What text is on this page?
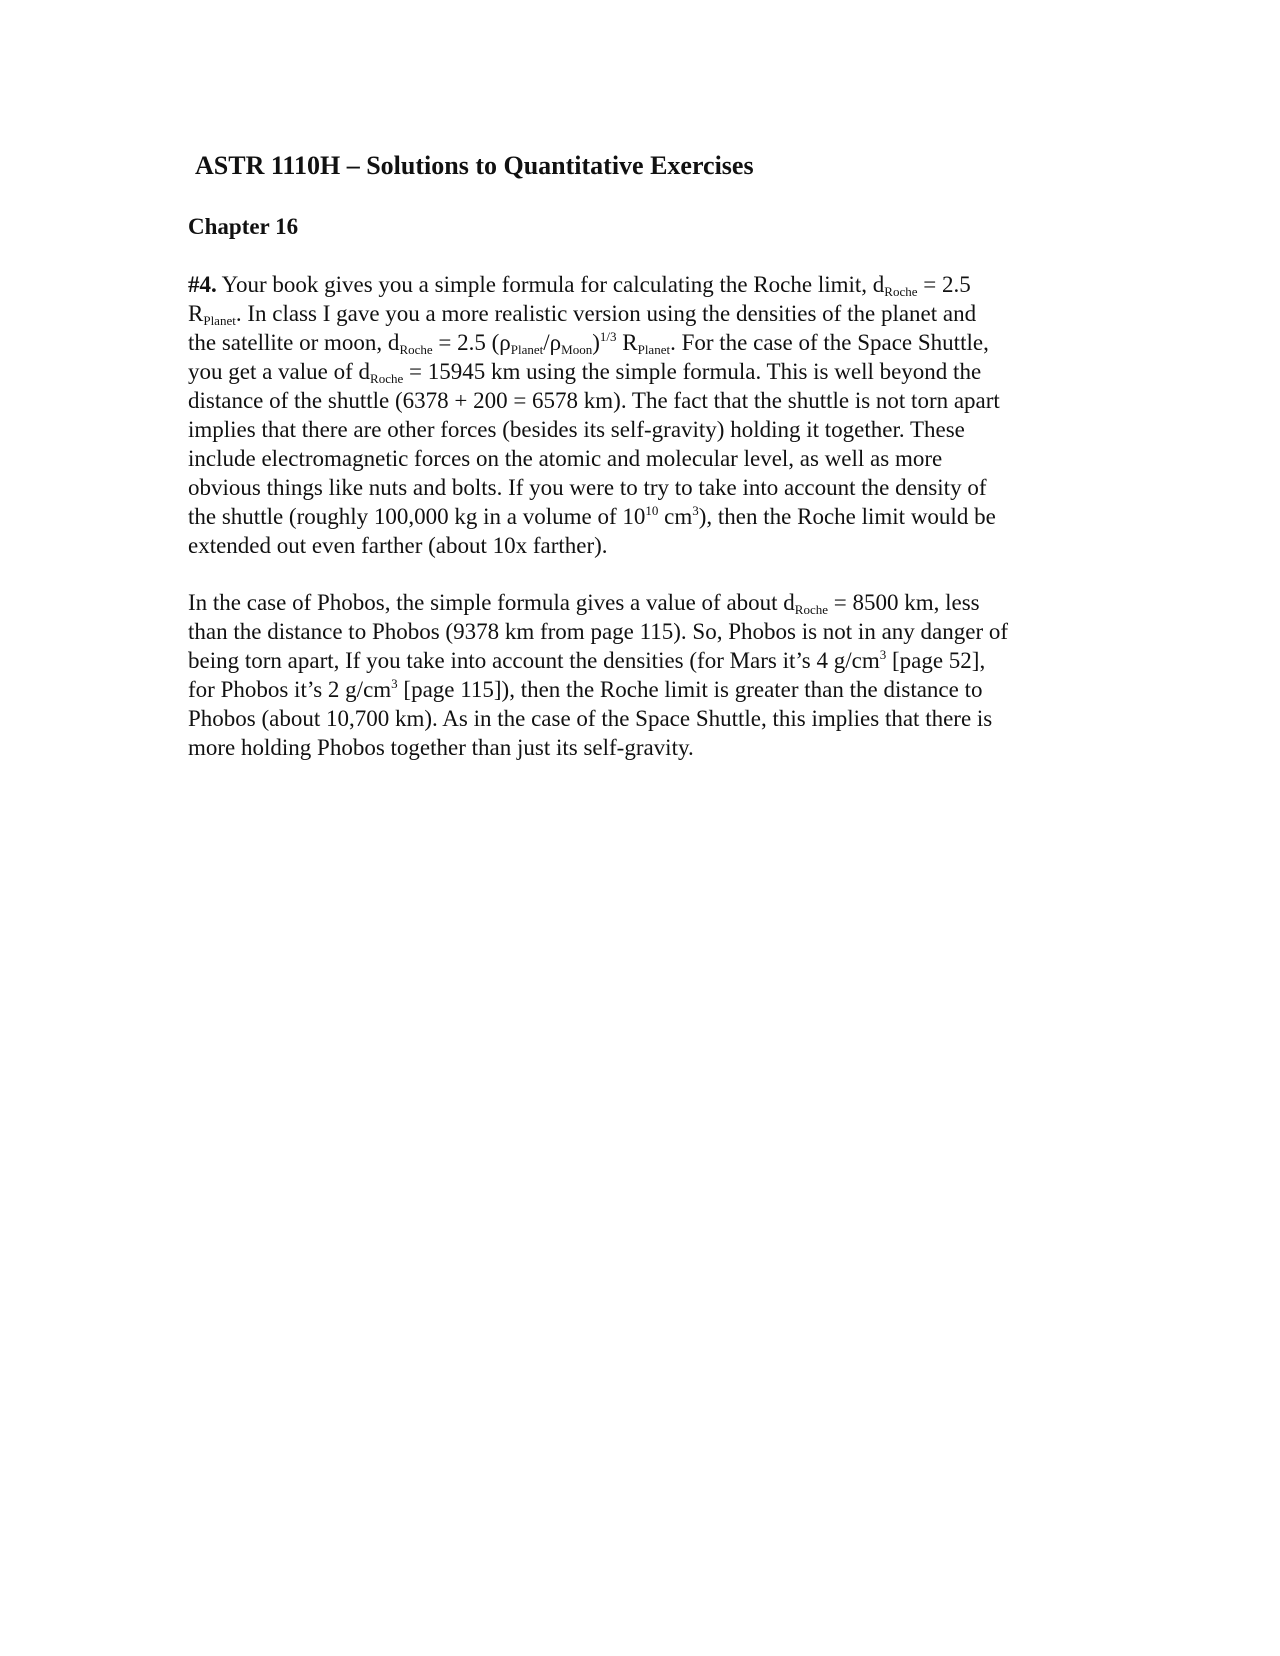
ASTR 1110H – Solutions to Quantitative Exercises
Chapter 16
#4. Your book gives you a simple formula for calculating the Roche limit, $d_{Roche} = 2.5$
$R_{Planet}$. In class I gave you a more realistic version using the densities of the planet and
the satellite or moon, $d_{Roche} = 2.5$ $(\rho_{Planet}/\rho_{Moon})^{1/3}$ $R_{Planet}$. For the case of the Space Shuttle,
you get a value of $d_{Roche} = 15945$ km using the simple formula. This is well beyond the
distance of the shuttle (6378 + 200 = 6578 km). The fact that the shuttle is not torn apart
implies that there are other forces (besides its self-gravity) holding it together. These
include electromagnetic forces on the atomic and molecular level, as well as more
obvious things like nuts and bolts. If you were to try to take into account the density of
the shuttle (roughly 100,000 kg in a volume of $10^{10}$ $cm^3$), then the Roche limit would be
extended out even farther (about 10x farther).
In the case of Phobos, the simple formula gives a value of about $d_{Roche} = 8500$ km, less
than the distance to Phobos (9378 km from page 115). So, Phobos is not in any danger of
being torn apart, If you take into account the densities (for Mars it’s 4 $g/cm^3$ [page 52],
for Phobos it’s 2 $g/cm^3$ [page 115]), then the Roche limit is greater than the distance to
Phobos (about 10,700 km). As in the case of the Space Shuttle, this implies that there is
more holding Phobos together than just its self-gravity.
